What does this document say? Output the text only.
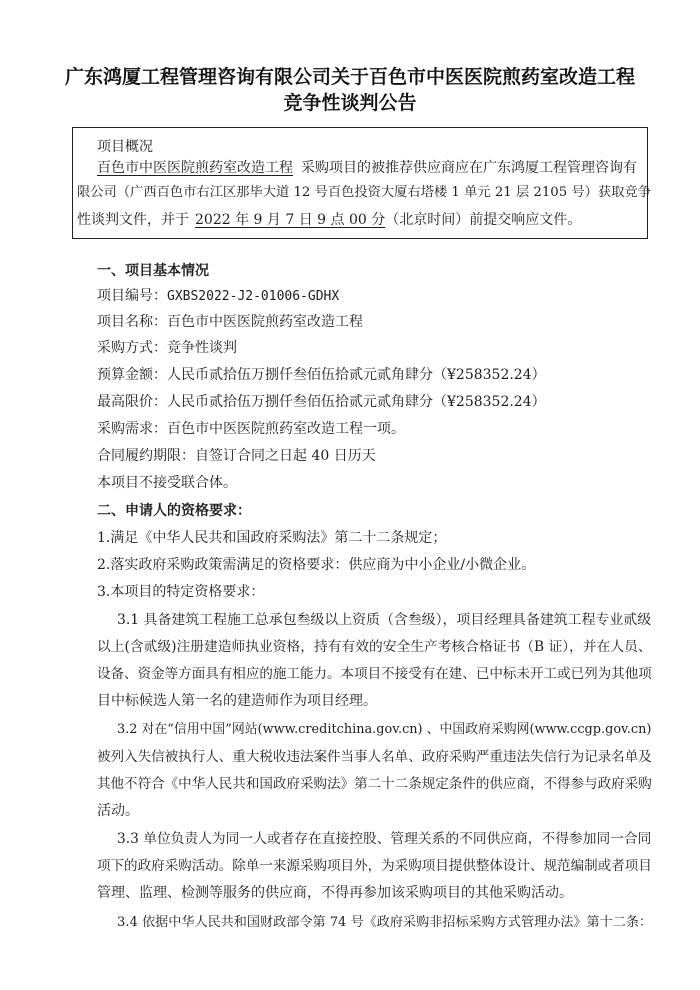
广东鸿厦工程管理咨询有限公司关于百色市中医医院煎药室改造工程
竞争性谈判公告
项目概况
百色市中医医院煎药室改造工程 采购项目的被推荐供应商应在广东鸿厦工程管理咨询有
限公司（广西百色市右江区那毕大道 12 号百色投资大厦右塔楼 1 单元 21 层 2105 号）获取竞争
性谈判文件，并于 2022 年 9 月 7 日 9 点 00 分（北京时间）前提交响应文件。
一、项目基本情况
项目编号：GXBS2022-J2-01006-GDHX
项目名称：百色市中医医院煎药室改造工程
采购方式：竞争性谈判
预算金额：人民币贰拾伍万捌仟叁佰伍拾贰元贰角肆分（¥258352.24）
最高限价：人民币贰拾伍万捌仟叁佰伍拾贰元贰角肆分（¥258352.24）
采购需求：百色市中医医院煎药室改造工程一项。
合同履约期限：自签订合同之日起 40 日历天
本项目不接受联合体。
二、申请人的资格要求：
1.满足《中华人民共和国政府采购法》第二十二条规定；
2.落实政府采购政策需满足的资格要求：供应商为中小企业/小微企业。
3.本项目的特定资格要求：
3.1 具备建筑工程施工总承包叁级以上资质（含叁级），项目经理具备建筑工程专业贰级
以上(含贰级)注册建造师执业资格，持有有效的安全生产考核合格证书（B 证），并在人员、
设备、资金等方面具有相应的施工能力。本项目不接受有在建、已中标未开工或已列为其他项
目中标候选人第一名的建造师作为项目经理。
3.2 对在“信用中国”网站(www.creditchina.gov.cn) 、中国政府采购网(www.ccgp.gov.cn)
被列入失信被执行人、重大税收违法案件当事人名单、政府采购严重违法失信行为记录名单及
其他不符合《中华人民共和国政府采购法》第二十二条规定条件的供应商，不得参与政府采购
活动。
3.3 单位负责人为同一人或者存在直接控股、管理关系的不同供应商，不得参加同一合同
项下的政府采购活动。除单一来源采购项目外，为采购项目提供整体设计、规范编制或者项目
管理、监理、检测等服务的供应商，不得再参加该采购项目的其他采购活动。
3.4 依据中华人民共和国财政部令第 74 号《政府采购非招标采购方式管理办法》第十二条：
